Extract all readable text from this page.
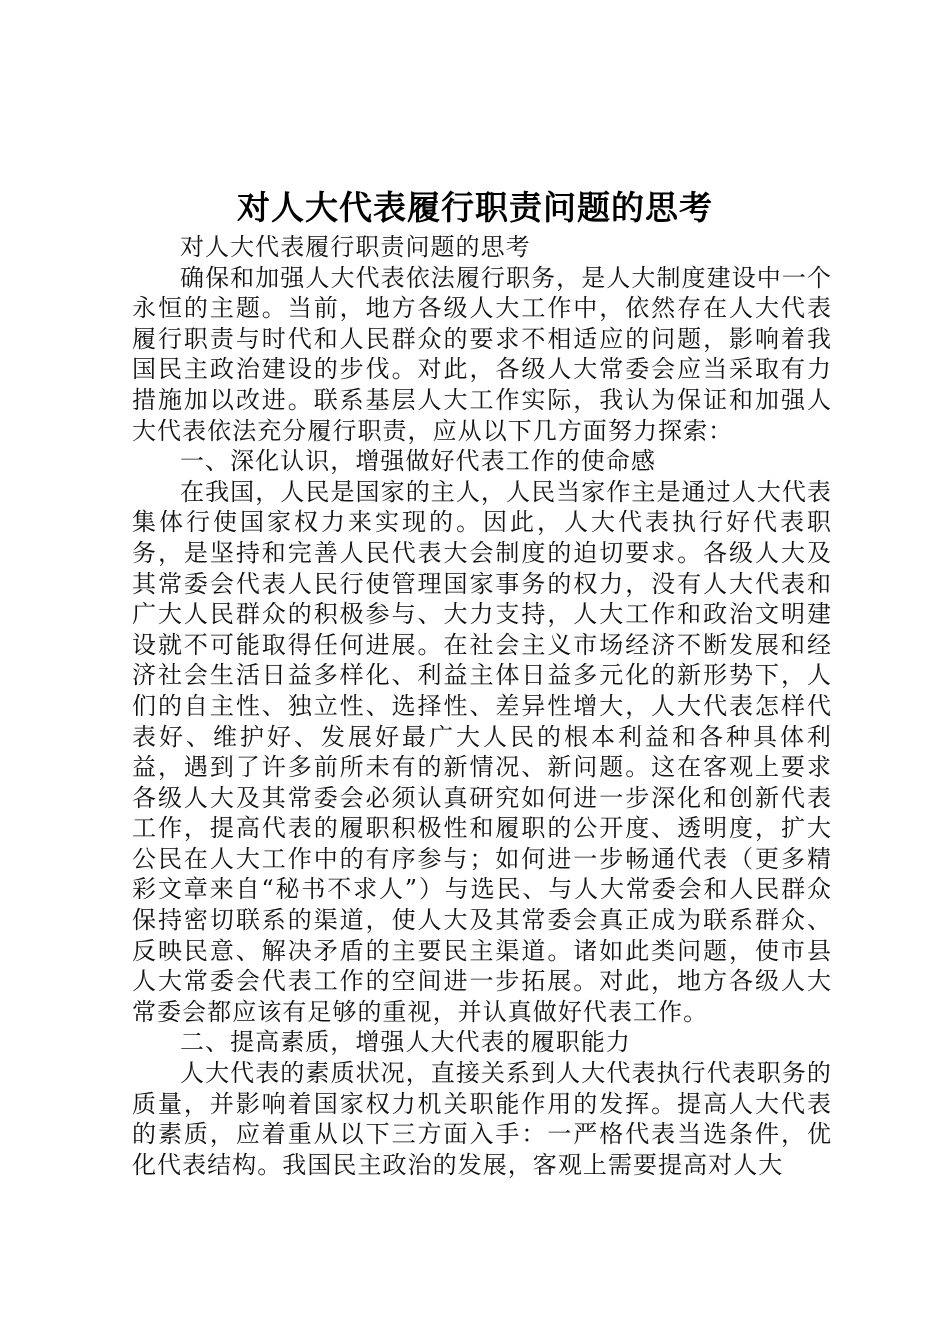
对人大代表履行职责问题的思考

对人大代表履行职责问题的思考

确保和加强人大代表依法履行职务，是人大制度建设中一个永恒的主题。当前，地方各级人大工作中，依然存在人大代表履行职责与时代和人民群众的要求不相适应的问题，影响着我国民主政治建设的步伐。对此，各级人大常委会应当采取有力措施加以改进。联系基层人大工作实际，我认为保证和加强人大代表依法充分履行职责，应从以下几方面努力探索：

一、深化认识，增强做好代表工作的使命感

在我国，人民是国家的主人，人民当家作主是通过人大代表集体行使国家权力来实现的。因此，人大代表执行好代表职务，是坚持和完善人民代表大会制度的迫切要求。各级人大及其常委会代表人民行使管理国家事务的权力，没有人大代表和广大人民群众的积极参与、大力支持，人大工作和政治文明建设就不可能取得任何进展。在社会主义市场经济不断发展和经济社会生活日益多样化、利益主体日益多元化的新形势下，人们的自主性、独立性、选择性、差异性增大，人大代表怎样代表好、维护好、发展好最广大人民的根本利益和各种具体利益，遇到了许多前所未有的新情况、新问题。这在客观上要求各级人大及其常委会必须认真研究如何进一步深化和创新代表工作，提高代表的履职积极性和履职的公开度、透明度，扩大公民在人大工作中的有序参与；如何进一步畅通代表（更多精彩文章来自“秘书不求人”）与选民、与人大常委会和人民群众保持密切联系的渠道，使人大及其常委会真正成为联系群众、反映民意、解决矛盾的主要民主渠道。诸如此类问题，使市县人大常委会代表工作的空间进一步拓展。对此，地方各级人大常委会都应该有足够的重视，并认真做好代表工作。

二、提高素质，增强人大代表的履职能力

人大代表的素质状况，直接关系到人大代表执行代表职务的质量，并影响着国家权力机关职能作用的发挥。提高人大代表的素质，应着重从以下三方面入手：一严格代表当选条件，优化代表结构。我国民主政治的发展，客观上需要提高对人大
